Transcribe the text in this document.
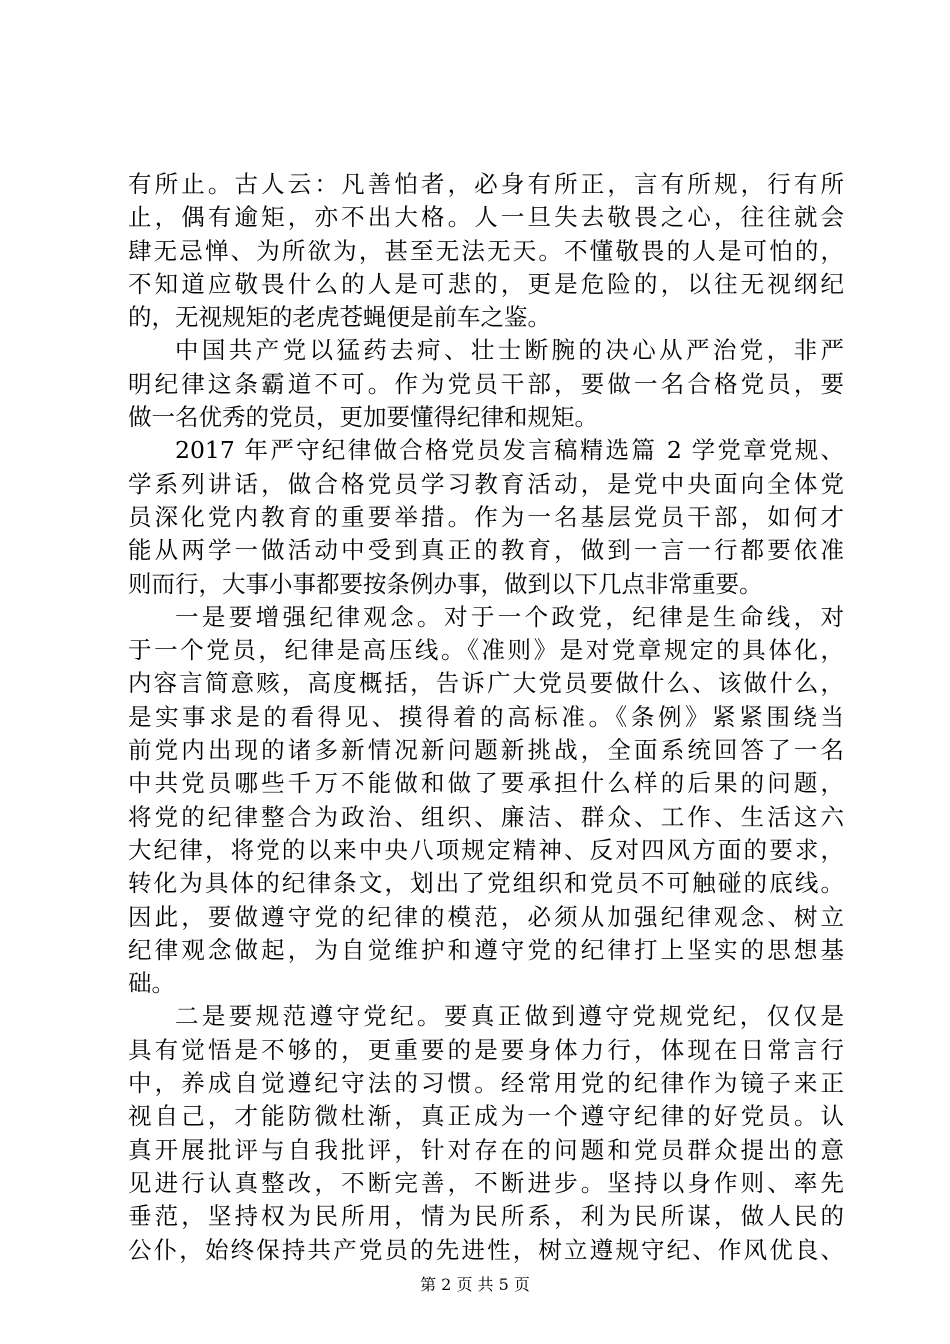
有所止。古人云：凡善怕者，必身有所正，言有所规，行有所
止，偶有逾矩，亦不出大格。人一旦失去敬畏之心，往往就会
肆无忌惮、为所欲为，甚至无法无天。不懂敬畏的人是可怕的，
不知道应敬畏什么的人是可悲的，更是危险的，以往无视纲纪
的，无视规矩的老虎苍蝇便是前车之鉴。
中国共产党以猛药去疴、壮士断腕的决心从严治党，非严
明纪律这条霸道不可。作为党员干部，要做一名合格党员，要
做一名优秀的党员，更加要懂得纪律和规矩。
2017 年严守纪律做合格党员发言稿精选篇 2 学党章党规、
学系列讲话，做合格党员学习教育活动，是党中央面向全体党
员深化党内教育的重要举措。作为一名基层党员干部，如何才
能从两学一做活动中受到真正的教育，做到一言一行都要依准
则而行，大事小事都要按条例办事，做到以下几点非常重要。
一是要增强纪律观念。对于一个政党，纪律是生命线，对
于一个党员，纪律是高压线。《准则》是对党章规定的具体化，
内容言简意赅，高度概括，告诉广大党员要做什么、该做什么，
是实事求是的看得见、摸得着的高标准。《条例》紧紧围绕当
前党内出现的诸多新情况新问题新挑战，全面系统回答了一名
中共党员哪些千万不能做和做了要承担什么样的后果的问题，
将党的纪律整合为政治、组织、廉洁、群众、工作、生活这六
大纪律，将党的以来中央八项规定精神、反对四风方面的要求，
转化为具体的纪律条文，划出了党组织和党员不可触碰的底线。
因此，要做遵守党的纪律的模范，必须从加强纪律观念、树立
纪律观念做起，为自觉维护和遵守党的纪律打上坚实的思想基
础。
二是要规范遵守党纪。要真正做到遵守党规党纪，仅仅是
具有觉悟是不够的，更重要的是要身体力行，体现在日常言行
中，养成自觉遵纪守法的习惯。经常用党的纪律作为镜子来正
视自己，才能防微杜渐，真正成为一个遵守纪律的好党员。认
真开展批评与自我批评，针对存在的问题和党员群众提出的意
见进行认真整改，不断完善，不断进步。坚持以身作则、率先
垂范，坚持权为民所用，情为民所系，利为民所谋，做人民的
公仆，始终保持共产党员的先进性，树立遵规守纪、作风优良、
第 2 页 共 5 页
